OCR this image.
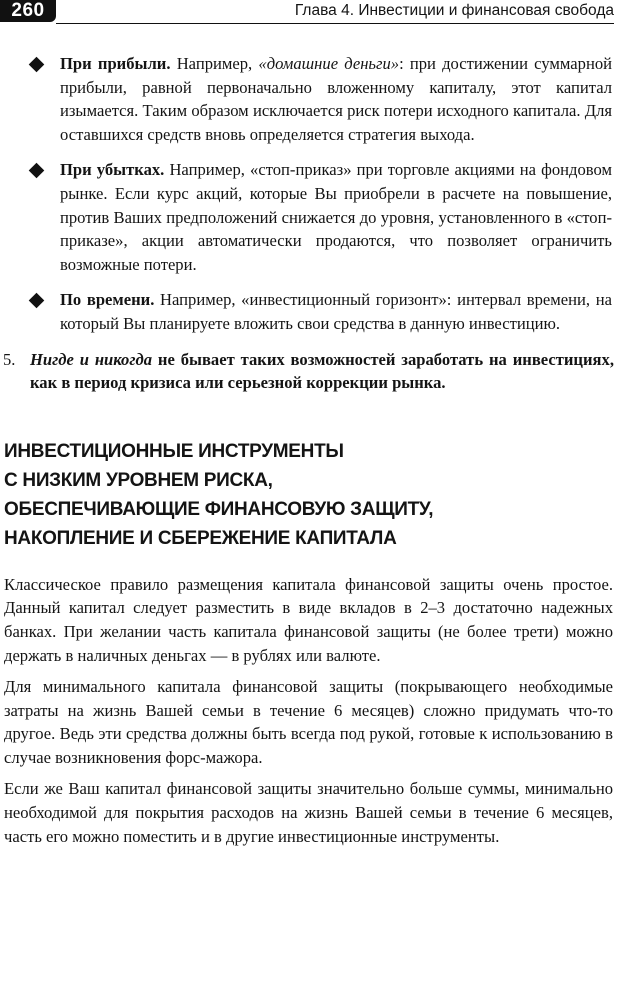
260	Глава 4. Инвестиции и финансовая свобода

При прибыли. Например, «домашние деньги»: при достижении суммарной прибыли, равной первоначально вложенному капиталу, этот капитал изымается. Таким образом исключается риск потери исходного капитала. Для оставшихся средств вновь определяется стратегия выхода.

При убытках. Например, «стоп-приказ» при торговле акциями на фондовом рынке. Если курс акций, которые Вы приобрели в расчете на повышение, против Ваших предположений снижается до уровня, установленного в «стоп-приказе», акции автоматически продаются, что позволяет ограничить возможные потери.

По времени. Например, «инвестиционный горизонт»: интервал времени, на который Вы планируете вложить свои средства в данную инвестицию.

5. Нигде и никогда не бывает таких возможностей заработать на инвестициях, как в период кризиса или серьезной коррекции рынка.

ИНВЕСТИЦИОННЫЕ ИНСТРУМЕНТЫ
С НИЗКИМ УРОВНЕМ РИСКА,
ОБЕСПЕЧИВАЮЩИЕ ФИНАНСОВУЮ ЗАЩИТУ,
НАКОПЛЕНИЕ И СБЕРЕЖЕНИЕ КАПИТАЛА

Классическое правило размещения капитала финансовой защиты очень простое. Данный капитал следует разместить в виде вкладов в 2–3 достаточно надежных банках. При желании часть капитала финансовой защиты (не более трети) можно держать в наличных деньгах — в рублях или валюте.

Для минимального капитала финансовой защиты (покрывающего необходимые затраты на жизнь Вашей семьи в течение 6 месяцев) сложно придумать что-то другое. Ведь эти средства должны быть всегда под рукой, готовые к использованию в случае возникновения форс-мажора.

Если же Ваш капитал финансовой защиты значительно больше суммы, минимально необходимой для покрытия расходов на жизнь Вашей семьи в течение 6 месяцев, часть его можно поместить и в другие инвестиционные инструменты.
